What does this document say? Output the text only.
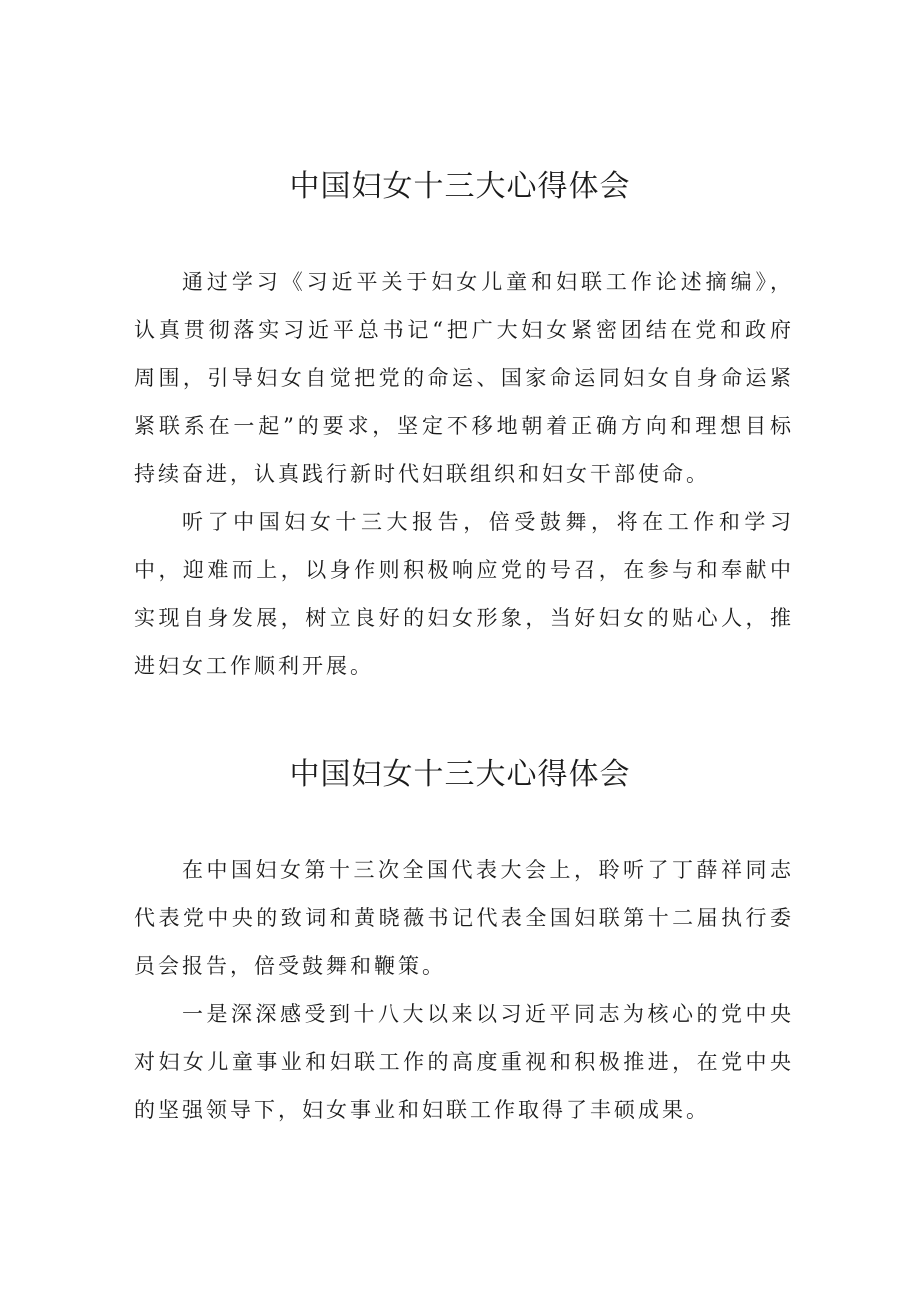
中国妇女十三大心得体会

通过学习《习近平关于妇女儿童和妇联工作论述摘编》，认真贯彻落实习近平总书记“把广大妇女紧密团结在党和政府周围，引导妇女自觉把党的命运、国家命运同妇女自身命运紧紧联系在一起”的要求，坚定不移地朝着正确方向和理想目标持续奋进，认真践行新时代妇联组织和妇女干部使命。

听了中国妇女十三大报告，倍受鼓舞，将在工作和学习中，迎难而上，以身作则积极响应党的号召，在参与和奉献中实现自身发展，树立良好的妇女形象，当好妇女的贴心人，推进妇女工作顺利开展。

中国妇女十三大心得体会

在中国妇女第十三次全国代表大会上，聆听了丁薛祥同志代表党中央的致词和黄晓薇书记代表全国妇联第十二届执行委员会报告，倍受鼓舞和鞭策。

一是深深感受到十八大以来以习近平同志为核心的党中央对妇女儿童事业和妇联工作的高度重视和积极推进，在党中央的坚强领导下，妇女事业和妇联工作取得了丰硕成果。
